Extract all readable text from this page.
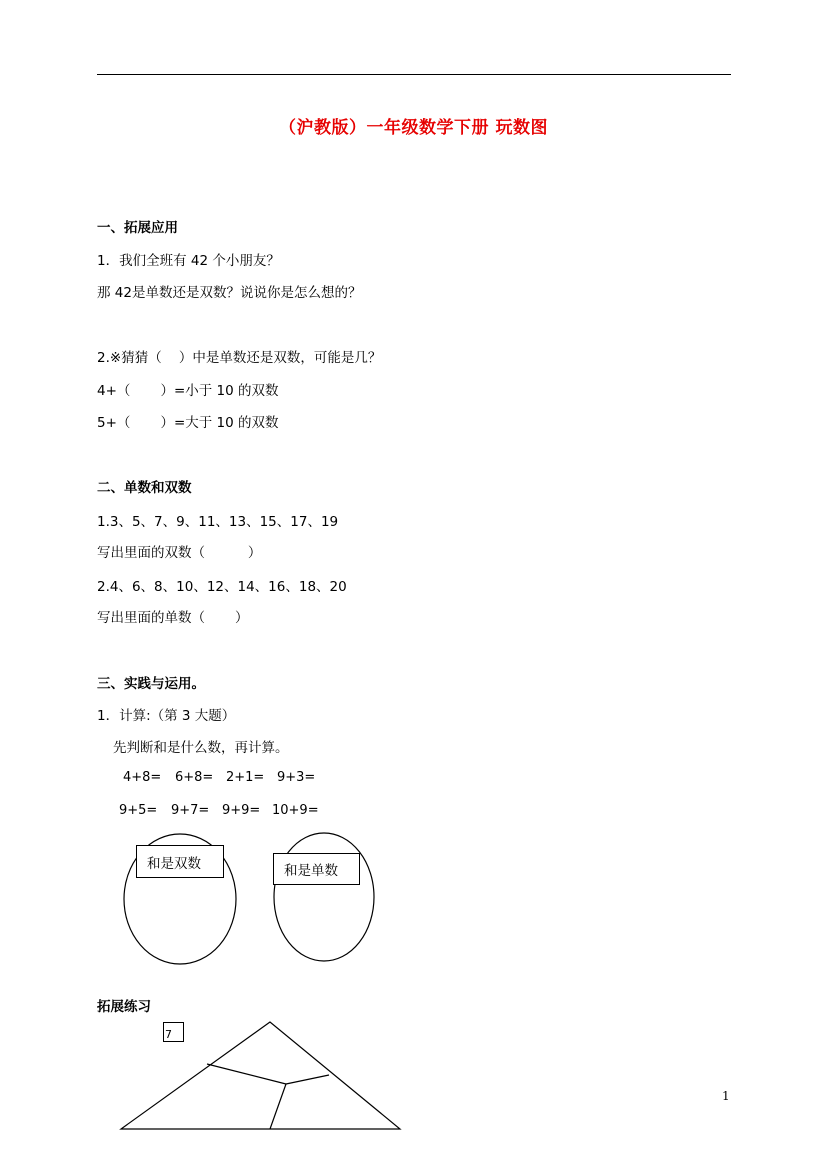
（沪教版）一年级数学下册 玩数图
一、拓展应用
1．我们全班有 42 个小朋友？
那 42是单数还是双数？说说你是怎么想的？
2.※猜猜（    ）中是单数还是双数，可能是几？
4+（       ）=小于 10 的双数
5+（       ）=大于 10 的双数
二、单数和双数
1.3、5、7、9、11、13、15、17、19
写出里面的双数（          ）
2.4、6、8、10、12、14、16、18、20
写出里面的单数（       ）
三、实践与运用。
1．计算:（第 3 大题）
先判断和是什么数，再计算。
4+8= 6+8= 2+1= 9+3=
9+5= 9+7= 9+9= 10+9=
和是双数	和是单数
拓展练习
7
1
